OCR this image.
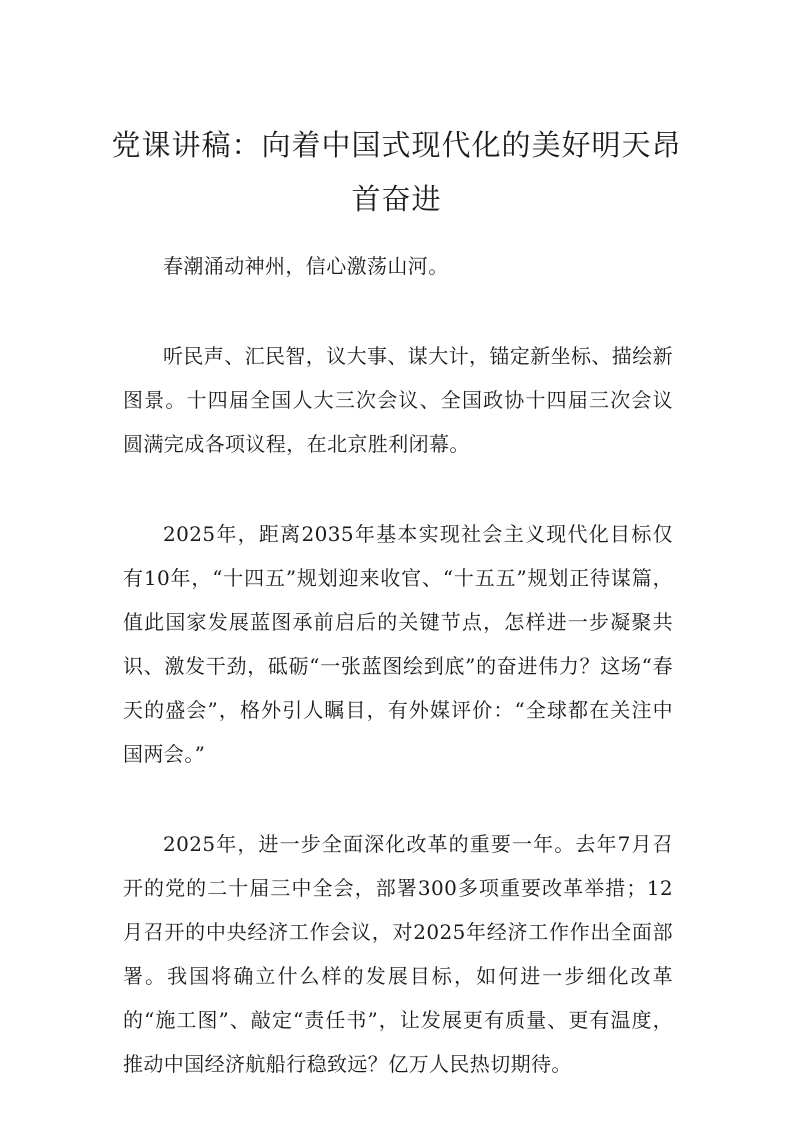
党课讲稿：向着中国式现代化的美好明天昂首奋进

春潮涌动神州，信心激荡山河。

听民声、汇民智，议大事、谋大计，锚定新坐标、描绘新图景。十四届全国人大三次会议、全国政协十四届三次会议圆满完成各项议程，在北京胜利闭幕。

2025年，距离2035年基本实现社会主义现代化目标仅有10年，“十四五”规划迎来收官、“十五五”规划正待谋篇，值此国家发展蓝图承前启后的关键节点，怎样进一步凝聚共识、激发干劲，砥砺“一张蓝图绘到底”的奋进伟力？这场“春天的盛会”，格外引人瞩目，有外媒评价：“全球都在关注中国两会。”

2025年，进一步全面深化改革的重要一年。去年7月召开的党的二十届三中全会，部署300多项重要改革举措；12月召开的中央经济工作会议，对2025年经济工作作出全面部署。我国将确立什么样的发展目标，如何进一步细化改革的“施工图”、敲定“责任书”，让发展更有质量、更有温度，推动中国经济航船行稳致远？亿万人民热切期待。
